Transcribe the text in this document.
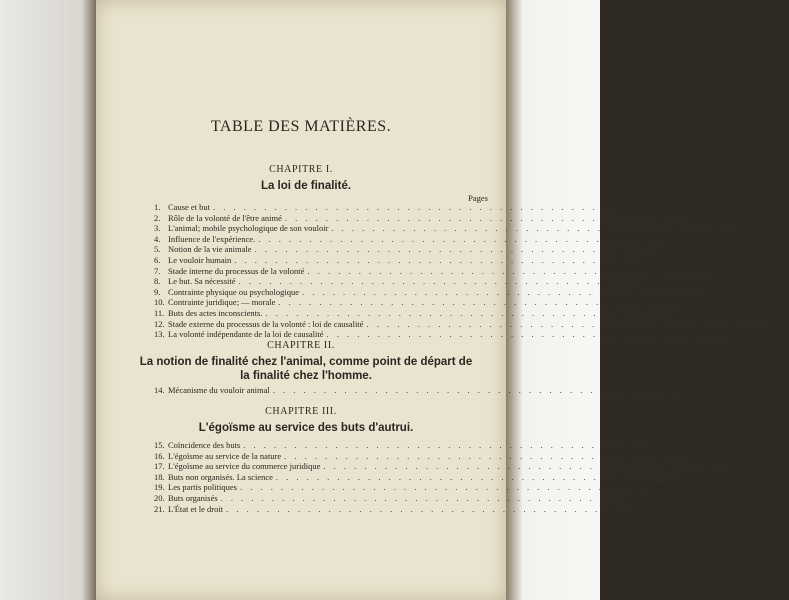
TABLE DES MATIÈRES.
CHAPITRE I.
La loi de finalité.
Pages
1. Cause et but . . . . . . . . . . . . . . . . . . . . . . . . . . . . . . . . . . . . . . . .	1
2. Rôle de la volonté de l'être animé . . . . . . . . . . . . . . . . . . . . . . . . . . . . . . . . . . . . . . . .	2
3. L'animal; mobile psychologique de son vouloir . . . . . . . . . . . . . . . . . . . . . . . . . . . . . . . . . . . . . . . .	3
4. Influence de l'expérience. . . . . . . . . . . . . . . . . . . . . . . . . . . . . . . . . . . . . . . . .	4
5. Notion de la vie animale . . . . . . . . . . . . . . . . . . . . . . . . . . . . . . . . . . . . . . . .	5
6. Le vouloir humain . . . . . . . . . . . . . . . . . . . . . . . . . . . . . . . . . . . . . . . .	7
7. Stade interne du processus de la volonté . . . . . . . . . . . . . . . . . . . . . . . . . . . . . . . . . . . . . . . .	7
8. Le but. Sa nécessité . . . . . . . . . . . . . . . . . . . . . . . . . . . . . . . . . . . . . . . .	8
9. Contrainte physique ou psychologique . . . . . . . . . . . . . . . . . . . . . . . . . . . . . . . . . . . . . . . .	10
10. Contrainte juridique; — morale . . . . . . . . . . . . . . . . . . . . . . . . . . . . . . . . . . . . . . . .	12
11. Buts des actes inconscients. . . . . . . . . . . . . . . . . . . . . . . . . . . . . . . . . . . . . . . . .	13
12. Stade externe du processus de la volonté : loi de causalité . . . . . . . . . . . . . . . . . . . . . . . . . . . . . . . . . . . . . . . .	15
13. La volonté indépendante de la loi de causalité . . . . . . . . . . . . . . . . . . . . . . . . . . . . . . . . . . . . . . . .	15
CHAPITRE II.
La notion de finalité chez l'animal, comme point de départ de la finalité chez l'homme.
14. Mécanisme du vouloir animal . . . . . . . . . . . . . . . . . . . . . . . . . . . . . . . . . . . . . . . .	18
CHAPITRE III.
L'égoïsme au service des buts d'autrui.
15. Coïncidence des buts . . . . . . . . . . . . . . . . . . . . . . . . . . . . . . . . . . . . . . . .	23
16. L'égoïsme au service de la nature . . . . . . . . . . . . . . . . . . . . . . . . . . . . . . . . . . . . . . . .	24
17. L'égoïsme au service du commerce juridique . . . . . . . . . . . . . . . . . . . . . . . . . . . . . . . . . . . . . . . .	25
18. Buts non organisés. La science . . . . . . . . . . . . . . . . . . . . . . . . . . . . . . . . . . . . . . . .	28
19. Les partis politiques . . . . . . . . . . . . . . . . . . . . . . . . . . . . . . . . . . . . . . . .	29
20. Buts organisés . . . . . . . . . . . . . . . . . . . . . . . . . . . . . . . . . . . . . . . .	29
21. L'État et le droit . . . . . . . . . . . . . . . . . . . . . . . . . . . . . . . . . . . . . . . .	30
